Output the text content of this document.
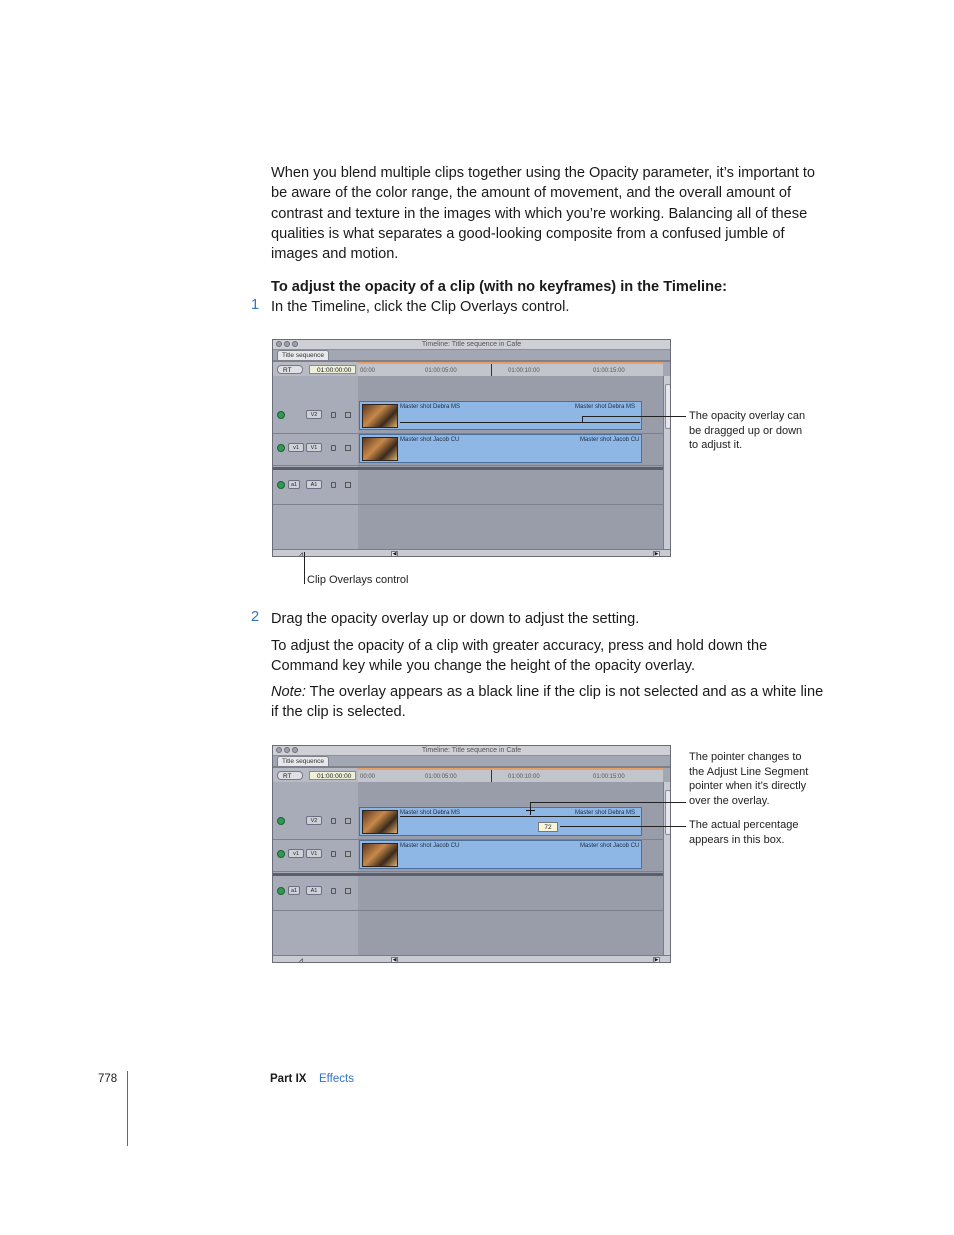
When you blend multiple clips together using the Opacity parameter, it’s important to be aware of the color range, the amount of movement, and the overall amount of contrast and texture in the images with which you’re working. Balancing all of these qualities is what separates a good-looking composite from a confused jumble of images and motion.
To adjust the opacity of a clip (with no keyframes) in the Timeline:
1 In the Timeline, click the Clip Overlays control.
Timeline: Title sequence in Cafe
Title sequence
RT	01:00:00:00	00:00	01:00:05:00	01:00:10:00	01:00:15:00
V2
v1	V1
a1	A1
Master shot Debra MS	Master shot Debra MS
Master shot Jacob CU	Master shot Jacob CU
⩘	◀	▶
The opacity overlay can be dragged up or down to adjust it.
Clip Overlays control
2 Drag the opacity overlay up or down to adjust the setting.
To adjust the opacity of a clip with greater accuracy, press and hold down the Command key while you change the height of the opacity overlay.
Note: The overlay appears as a black line if the clip is not selected and as a white line if the clip is selected.
Timeline: Title sequence in Cafe
Title sequence
RT	01:00:00:00	00:00	01:00:05:00	01:00:10:00	01:00:15:00
V2
v1	V1
a1	A1
Master shot Debra MS	Master shot Debra MS
Master shot Jacob CU	Master shot Jacob CU
72
⩘	◀	▶
The pointer changes to the Adjust Line Segment pointer when it’s directly over the overlay.
The actual percentage appears in this box.
778	Part IX Effects
